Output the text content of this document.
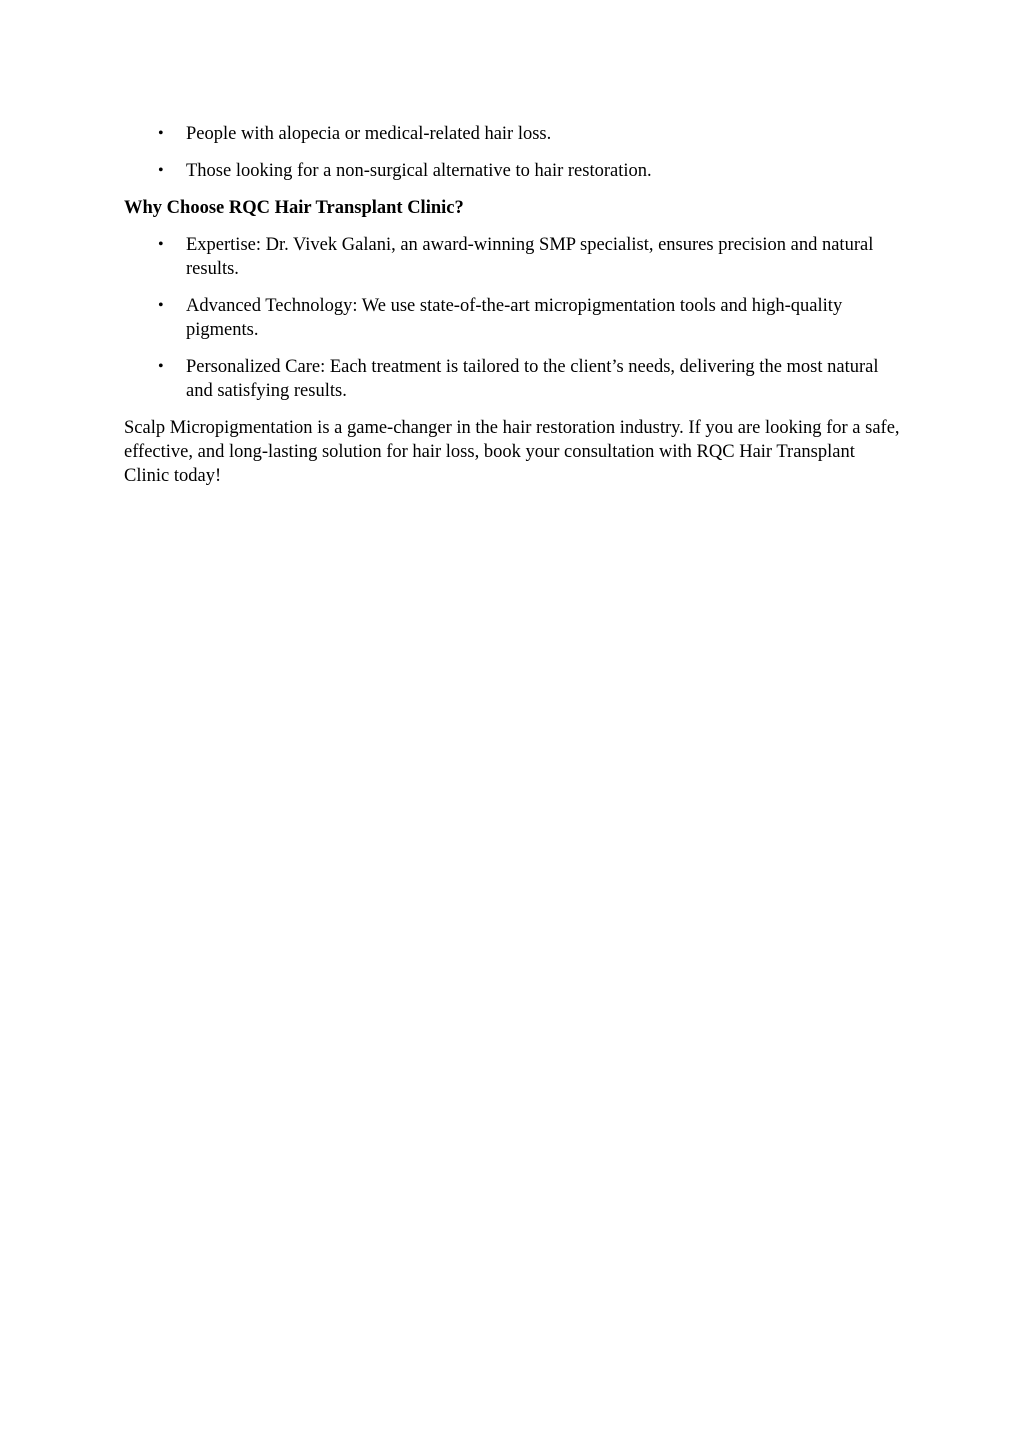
• People with alopecia or medical-related hair loss.
• Those looking for a non-surgical alternative to hair restoration.

Why Choose RQC Hair Transplant Clinic?

• Expertise: Dr. Vivek Galani, an award-winning SMP specialist, ensures precision and natural results.
• Advanced Technology: We use state-of-the-art micropigmentation tools and high-quality pigments.
• Personalized Care: Each treatment is tailored to the client’s needs, delivering the most natural and satisfying results.

Scalp Micropigmentation is a game-changer in the hair restoration industry. If you are looking for a safe, effective, and long-lasting solution for hair loss, book your consultation with RQC Hair Transplant Clinic today!
